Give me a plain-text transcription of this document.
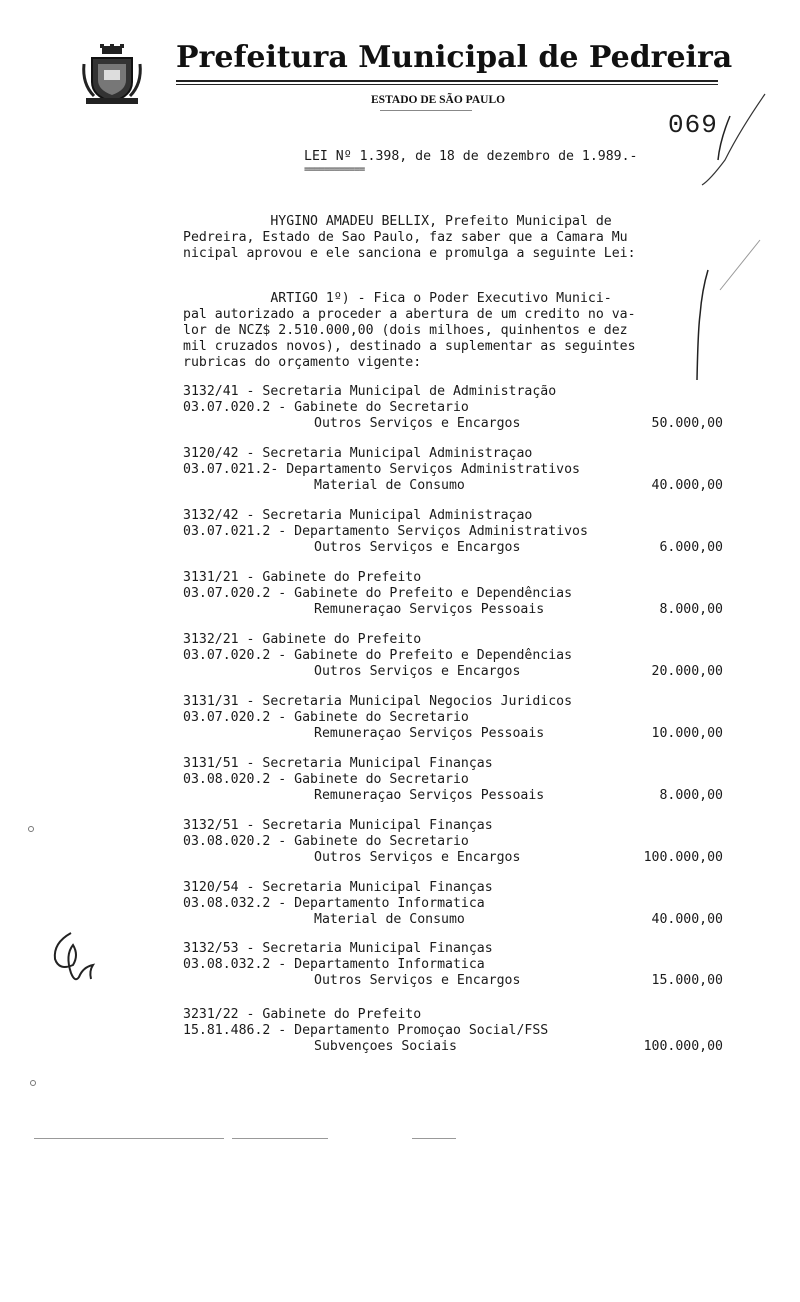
Prefeitura Municipal de Pedreira
ESTADO DE SÃO PAULO
069
LEI Nº 1.398, de 18 de dezembro de 1.989.-
============
HYGINO AMADEU BELLIX, Prefeito Municipal de
Pedreira, Estado de Sao Paulo, faz saber que a Camara Mu
nicipal aprovou e ele sanciona e promulga a seguinte Lei:
ARTIGO 1º) - Fica o Poder Executivo Munici-
pal autorizado a proceder a abertura de um credito no va-
lor de NCZ$ 2.510.000,00 (dois milhoes, quinhentos e dez
mil cruzados novos), destinado a suplementar as seguintes
rubricas do orçamento vigente:
3132/41 - Secretaria Municipal de Administração
03.07.020.2 - Gabinete do Secretario
Outros Serviços e Encargos	50.000,00
3120/42 - Secretaria Municipal Administraçao
03.07.021.2- Departamento Serviços Administrativos
Material de Consumo	40.000,00
3132/42 - Secretaria Municipal Administraçao
03.07.021.2 - Departamento Serviços Administrativos
Outros Serviços e Encargos	6.000,00
3131/21 - Gabinete do Prefeito
03.07.020.2 - Gabinete do Prefeito e Dependências
Remuneraçao Serviços Pessoais	8.000,00
3132/21 - Gabinete do Prefeito
03.07.020.2 - Gabinete do Prefeito e Dependências
Outros Serviços e Encargos	20.000,00
3131/31 - Secretaria Municipal Negocios Juridicos
03.07.020.2 - Gabinete do Secretario
Remuneraçao Serviços Pessoais	10.000,00
3131/51 - Secretaria Municipal Finanças
03.08.020.2 - Gabinete do Secretario
Remuneraçao Serviços Pessoais	8.000,00
3132/51 - Secretaria Municipal Finanças
03.08.020.2 - Gabinete do Secretario
Outros Serviços e Encargos	100.000,00
3120/54 - Secretaria Municipal Finanças
03.08.032.2 - Departamento Informatica
Material de Consumo	40.000,00
3132/53 - Secretaria Municipal Finanças
03.08.032.2 - Departamento Informatica
Outros Serviços e Encargos	15.000,00
3231/22 - Gabinete do Prefeito
15.81.486.2 - Departamento Promoçao Social/FSS
Subvençoes Sociais	100.000,00
